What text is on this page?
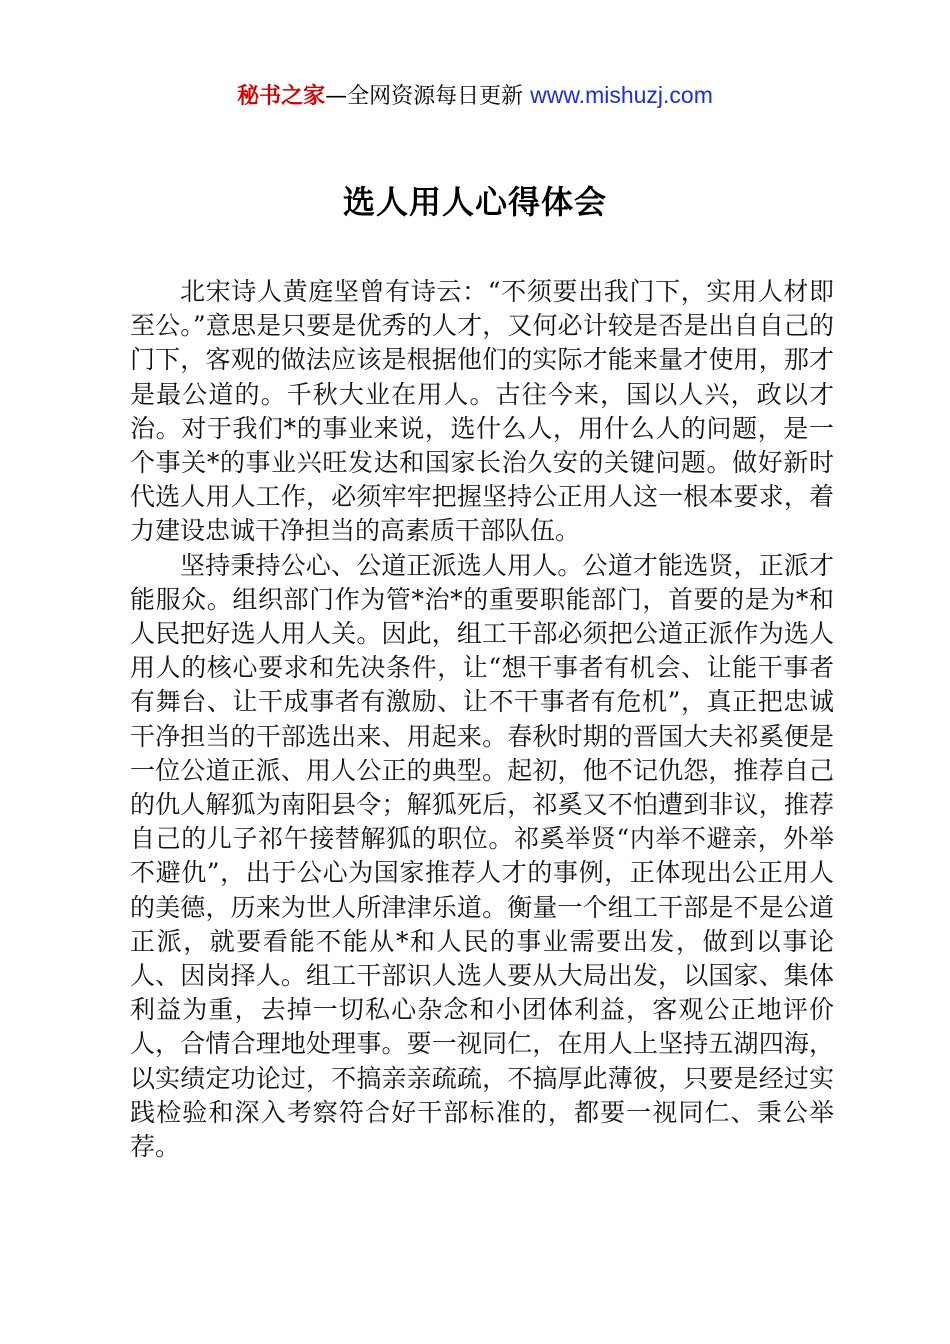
秘书之家—全网资源每日更新 www.mishuzj.com
选人用人心得体会

北宋诗人黄庭坚曾有诗云：“不须要出我门下，实用人材即至公。”意思是只要是优秀的人才，又何必计较是否是出自自己的门下，客观的做法应该是根据他们的实际才能来量才使用，那才是最公道的。千秋大业在用人。古往今来，国以人兴，政以才治。对于我们*的事业来说，选什么人，用什么人的问题，是一个事关*的事业兴旺发达和国家长治久安的关键问题。做好新时代选人用人工作，必须牢牢把握坚持公正用人这一根本要求，着力建设忠诚干净担当的高素质干部队伍。

坚持秉持公心、公道正派选人用人。公道才能选贤，正派才能服众。组织部门作为管*治*的重要职能部门，首要的是为*和人民把好选人用人关。因此，组工干部必须把公道正派作为选人用人的核心要求和先决条件，让“想干事者有机会、让能干事者有舞台、让干成事者有激励、让不干事者有危机”，真正把忠诚干净担当的干部选出来、用起来。春秋时期的晋国大夫祁奚便是一位公道正派、用人公正的典型。起初，他不记仇怨，推荐自己的仇人解狐为南阳县令；解狐死后，祁奚又不怕遭到非议，推荐自己的儿子祁午接替解狐的职位。祁奚举贤“内举不避亲，外举不避仇”，出于公心为国家推荐人才的事例，正体现出公正用人的美德，历来为世人所津津乐道。衡量一个组工干部是不是公道正派，就要看能不能从*和人民的事业需要出发，做到以事论人、因岗择人。组工干部识人选人要从大局出发，以国家、集体利益为重，去掉一切私心杂念和小团体利益，客观公正地评价人，合情合理地处理事。要一视同仁，在用人上坚持五湖四海，以实绩定功论过，不搞亲亲疏疏，不搞厚此薄彼，只要是经过实践检验和深入考察符合好干部标准的，都要一视同仁、秉公举荐。
